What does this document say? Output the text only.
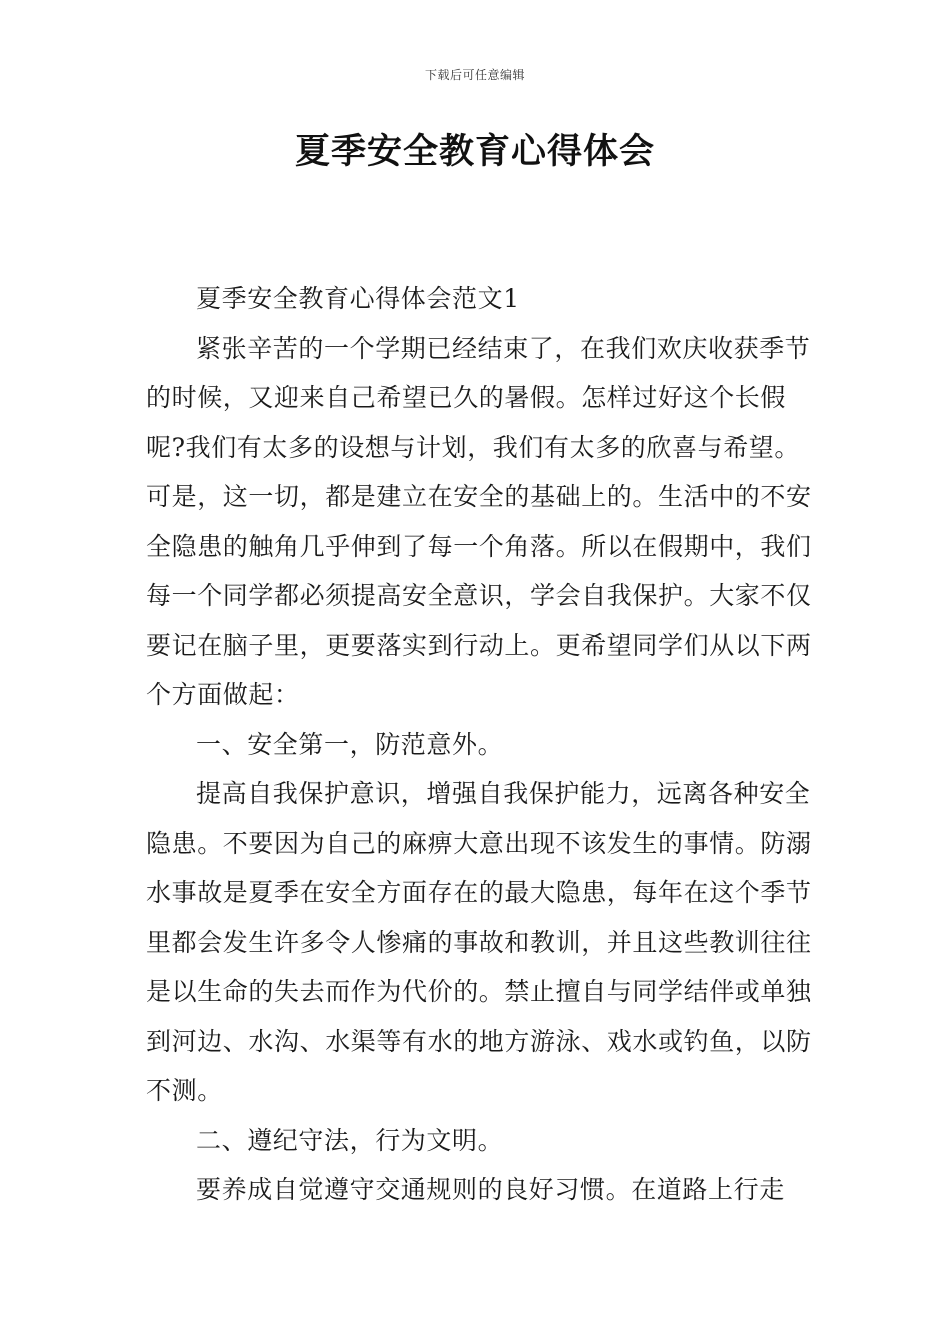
下载后可任意编辑
夏季安全教育心得体会

夏季安全教育心得体会范文1

紧张辛苦的一个学期已经结束了，在我们欢庆收获季节的时候，又迎来自己希望已久的暑假。怎样过好这个长假呢?我们有太多的设想与计划，我们有太多的欣喜与希望。可是，这一切，都是建立在安全的基础上的。生活中的不安全隐患的触角几乎伸到了每一个角落。所以在假期中，我们每一个同学都必须提高安全意识，学会自我保护。大家不仅要记在脑子里，更要落实到行动上。更希望同学们从以下两个方面做起：

一、安全第一，防范意外。

提高自我保护意识，增强自我保护能力，远离各种安全隐患。不要因为自己的麻痹大意出现不该发生的事情。防溺水事故是夏季在安全方面存在的最大隐患，每年在这个季节里都会发生许多令人惨痛的事故和教训，并且这些教训往往是以生命的失去而作为代价的。禁止擅自与同学结伴或单独到河边、水沟、水渠等有水的地方游泳、戏水或钓鱼，以防不测。

二、遵纪守法，行为文明。

要养成自觉遵守交通规则的良好习惯。在道路上行走
